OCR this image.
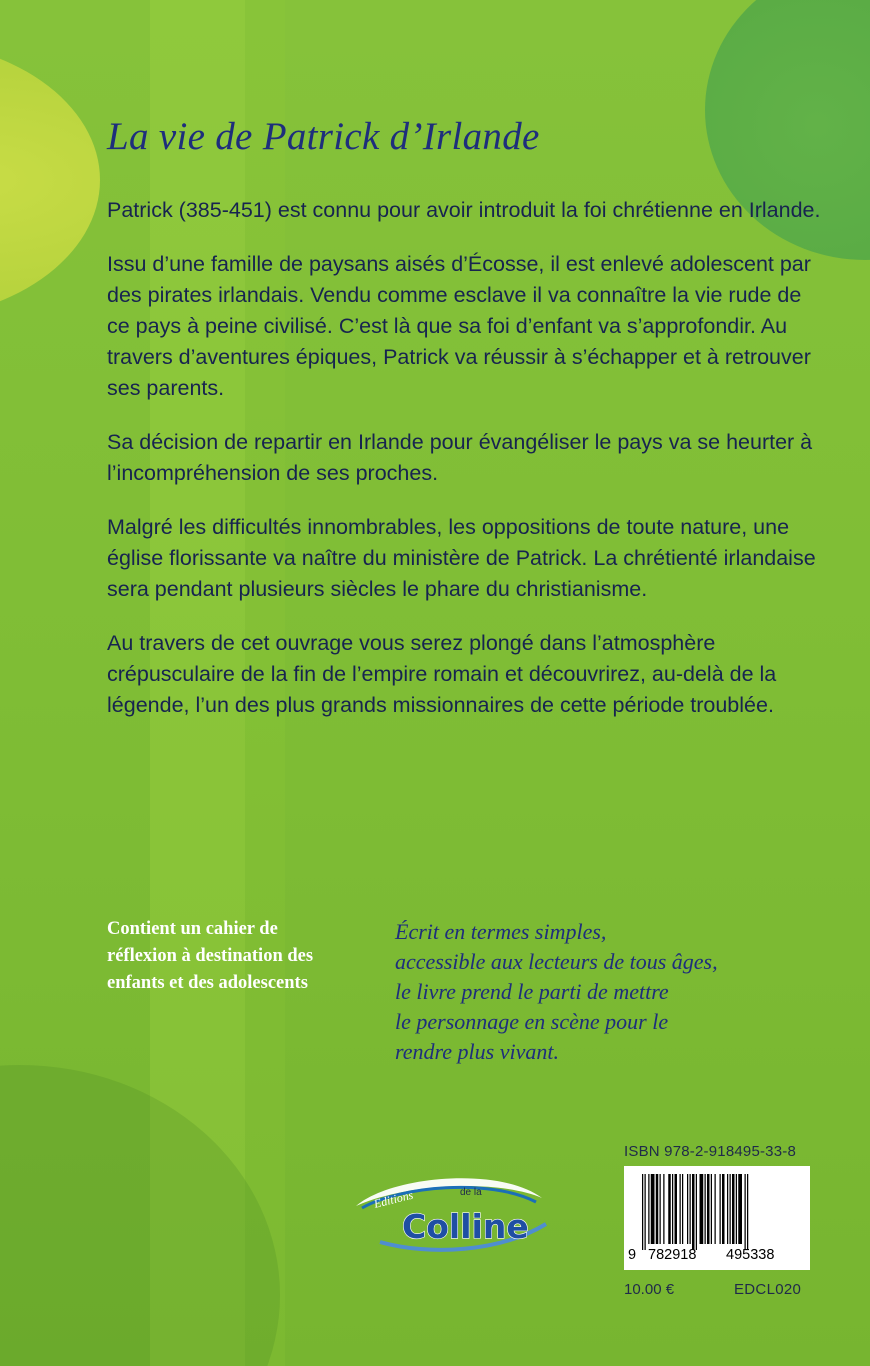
La vie de Patrick d’Irlande

Patrick (385-451) est connu pour avoir introduit la foi chrétienne en Irlande.

Issu d’une famille de paysans aisés d’Écosse, il est enlevé adolescent par des pirates irlandais. Vendu comme esclave il va connaître la vie rude de ce pays à peine civilisé. C’est là que sa foi d’enfant va s’approfondir. Au travers d’aventures épiques, Patrick va réussir à s’échapper et à retrouver ses parents.

Sa décision de repartir en Irlande pour évangéliser le pays va se heurter à l’incompréhension de ses proches.

Malgré les difficultés innombrables, les oppositions de toute nature, une église florissante va naître du ministère de Patrick. La chrétienté irlandaise sera pendant plusieurs siècles le phare du christianisme.

Au travers de cet ouvrage vous serez plongé dans l’atmosphère crépusculaire de la fin de l’empire romain et découvrirez, au-delà de la légende, l’un des plus grands missionnaires de cette période troublée.

Contient un cahier de réflexion à destination des enfants et des adolescents

Écrit en termes simples,
accessible aux lecteurs de tous âges,
le livre prend le parti de mettre
le personnage en scène pour le
rendre plus vivant.

Editions	de la
Colline
ISBN 978-2-918495-33-8
9 782918 495338
10.00 €	EDCL020
